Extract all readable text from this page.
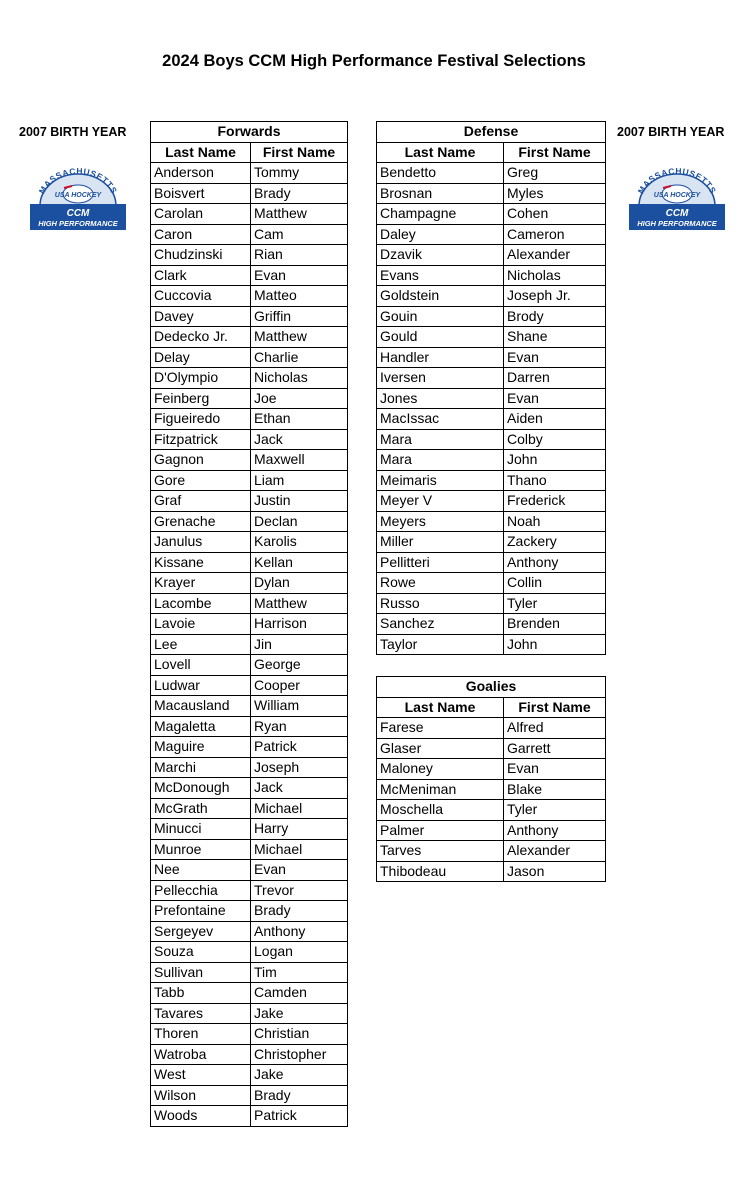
2024 Boys CCM High Performance Festival Selections
2007 BIRTH YEAR	2007 BIRTH YEAR
MASSACHUSETTS
USA HOCKEY
CCM
HIGH PERFORMANCE
MASSACHUSETTS
USA HOCKEY
CCM
HIGH PERFORMANCE
Forwards	
Last Name	First Name
Anderson	Tommy
Boisvert	Brady
Carolan	Matthew
Caron	Cam
Chudzinski	Rian
Clark	Evan
Cuccovia	Matteo
Davey	Griffin
Dedecko Jr.	Matthew
Delay	Charlie
D'Olympio	Nicholas
Feinberg	Joe
Figueiredo	Ethan
Fitzpatrick	Jack
Gagnon	Maxwell
Gore	Liam
Graf	Justin
Grenache	Declan
Janulus	Karolis
Kissane	Kellan
Krayer	Dylan
Lacombe	Matthew
Lavoie	Harrison
Lee	Jin
Lovell	George
Ludwar	Cooper
Macausland	William
Magaletta	Ryan
Maguire	Patrick
Marchi	Joseph
McDonough	Jack
McGrath	Michael
Minucci	Harry
Munroe	Michael
Nee	Evan
Pellecchia	Trevor
Prefontaine	Brady
Sergeyev	Anthony
Souza	Logan
Sullivan	Tim
Tabb	Camden
Tavares	Jake
Thoren	Christian
Watroba	Christopher
West	Jake
Wilson	Brady
Woods	Patrick
Defense	
Last Name	First Name
Bendetto	Greg
Brosnan	Myles
Champagne	Cohen
Daley	Cameron
Dzavik	Alexander
Evans	Nicholas
Goldstein	Joseph Jr.
Gouin	Brody
Gould	Shane
Handler	Evan
Iversen	Darren
Jones	Evan
MacIssac	Aiden
Mara	Colby
Mara	John
Meimaris	Thano
Meyer V	Frederick
Meyers	Noah
Miller	Zackery
Pellitteri	Anthony
Rowe	Collin
Russo	Tyler
Sanchez	Brenden
Taylor	John
Goalies	
Last Name	First Name
Farese	Alfred
Glaser	Garrett
Maloney	Evan
McMeniman	Blake
Moschella	Tyler
Palmer	Anthony
Tarves	Alexander
Thibodeau	Jason
